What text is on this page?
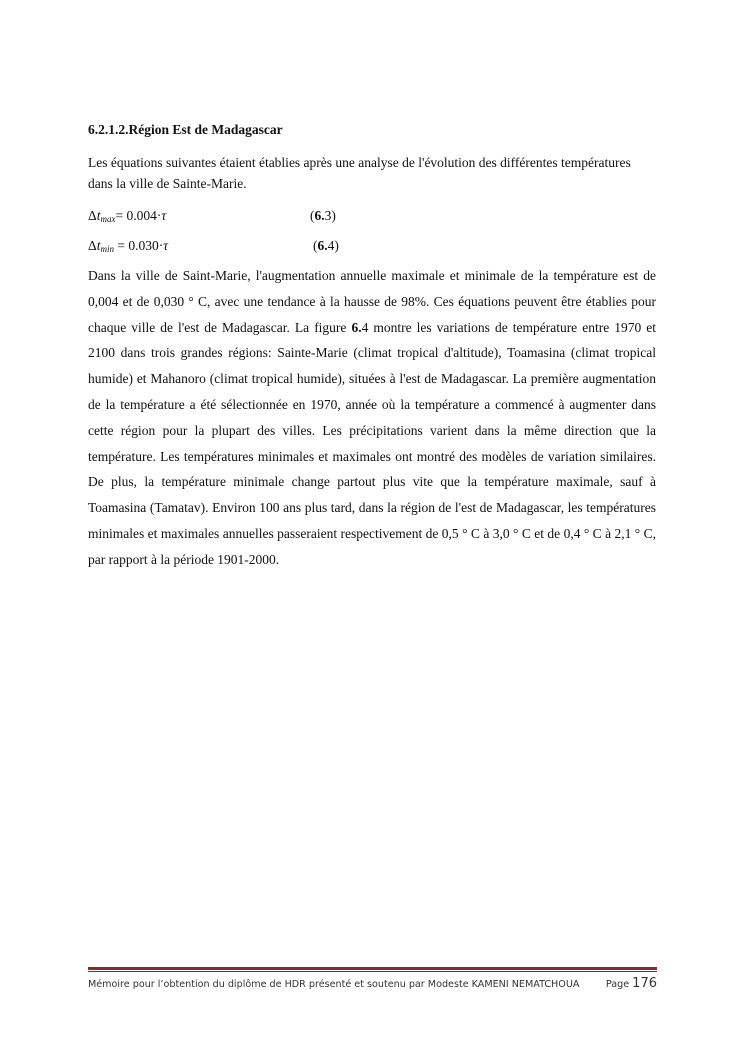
6.2.1.2.Région Est de Madagascar

Les équations suivantes étaient établies après une analyse de l'évolution des différentes températures dans la ville de Sainte-Marie.

$\Delta t_{max}= 0.004\cdot\tau$	(6.3)
$\Delta t_{min} = 0.030\cdot\tau$	(6.4)

Dans la ville de Saint-Marie, l'augmentation annuelle maximale et minimale de la température est de 0,004 et de 0,030 ° C, avec une tendance à la hausse de 98%. Ces équations peuvent être établies pour chaque ville de l'est de Madagascar. La figure 6.4 montre les variations de température entre 1970 et 2100 dans trois grandes régions: Sainte-Marie (climat tropical d'altitude), Toamasina (climat tropical humide) et Mahanoro (climat tropical humide), situées à l'est de Madagascar. La première augmentation de la température a été sélectionnée en 1970, année où la température a commencé à augmenter dans cette région pour la plupart des villes. Les précipitations varient dans la même direction que la température. Les températures minimales et maximales ont montré des modèles de variation similaires. De plus, la température minimale change partout plus vite que la température maximale, sauf à Toamasina (Tamatav). Environ 100 ans plus tard, dans la région de l'est de Madagascar, les températures minimales et maximales annuelles passeraient respectivement de 0,5 ° C à 3,0 ° C et de 0,4 ° C à 2,1 ° C, par rapport à la période 1901-2000.

Mémoire pour l’obtention du diplôme de HDR présenté et soutenu par Modeste KAMENI NEMATCHOUA	Page 176
